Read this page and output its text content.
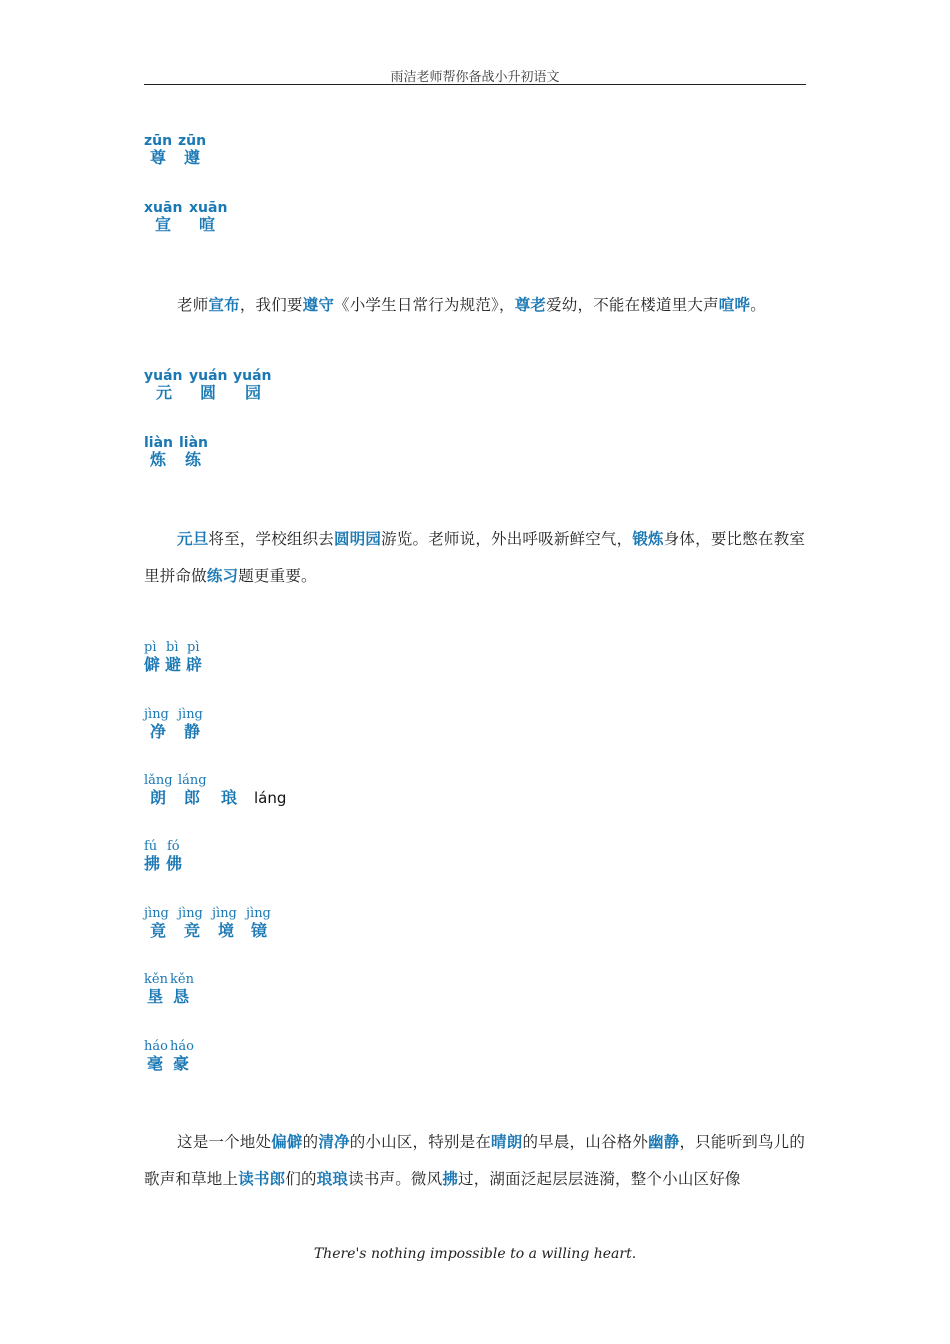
雨洁老师帮你备战小升初语文

zūn

zūn

尊 遵

xuān

xuān

宣 喧
老师宣布，我们要遵守《小学生日常行为规范》，尊老爱幼，不能在楼道里大声喧哗。

yuán

yuán

yuán

元 圆 园

liàn

liàn

炼 练
元旦将至，学校组织去圆明园游览。老师说，外出呼吸新鲜空气，锻炼身体，要比憋在教室里拼命做练习题更重要。

pì

bì

pì

僻 避 辟

jìng

jìng

净 静

lǎng

láng

朗 郎 琅 láng

fú

fó

拂 佛

jìng

jìng

jìng

jìng

竟 竞 境 镜

kěn

kěn

垦 恳

háo

háo

毫 豪
这是一个地处偏僻的清净的小山区，特别是在晴朗的早晨，山谷格外幽静，只能听到鸟儿的歌声和草地上读书郎们的琅琅读书声。微风拂过，湖面泛起层层涟漪，整个小山区好像
There's nothing impossible to a willing heart.
